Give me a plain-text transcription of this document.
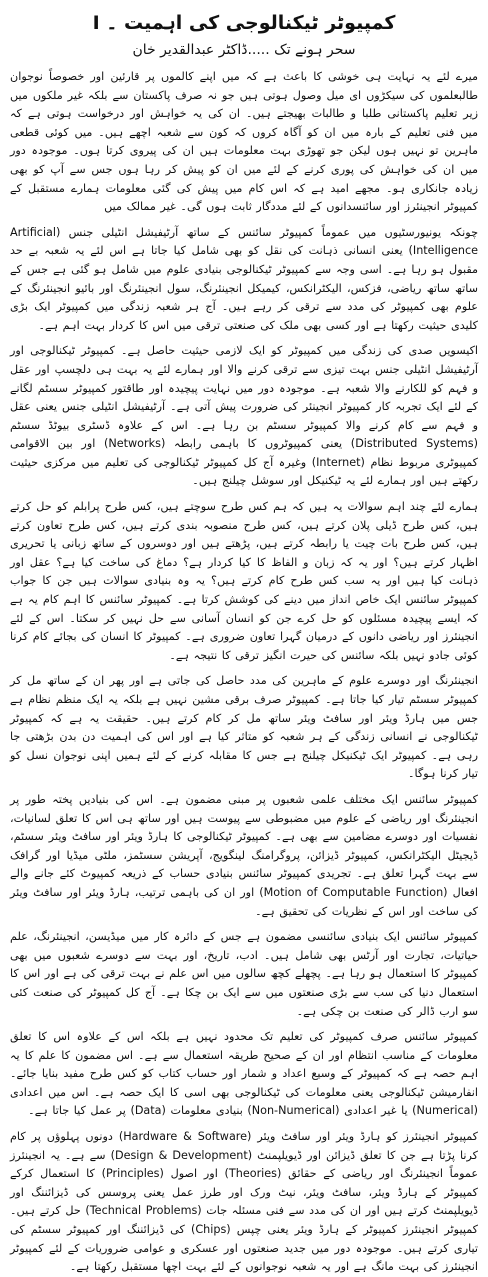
کمپیوٹر ٹیکنالوجی کی اہمیت ۔ I
سحر ہونے تک .....ڈاکٹر عبدالقدیر خان

میرے لئے یہ نہایت ہی خوشی کا باعث ہے کہ میں اپنے کالموں پر قارئین اور خصوصاً نوجوان طالبعلموں کی سیکڑوں ای میل وصول ہوتی ہیں جو نہ صرف پاکستان سے بلکہ غیر ملکوں میں زیر تعلیم پاکستانی طلبا و طالبات بھیجتے ہیں۔ ان کی یہ خواہش اور درخواست ہوتی ہے کہ میں فنی تعلیم کے بارہ میں ان کو آگاہ کروں کہ کون سے شعبہ اچھے ہیں۔ میں کوئی قطعی ماہرین تو نہیں ہوں لیکن جو تھوڑی بہت معلومات ہیں ان کی پیروی کرتا ہوں۔ موجودہ دور میں ان کی خواہش کی پوری کرنے کے لئے میں ان کو پیش کر رہا ہوں جس سے آپ کو بھی زیادہ جانکاری ہو۔ مجھے امید ہے کہ اس کام میں پیش کی گئی معلومات ہمارے مستقبل کے کمپیوٹر انجینئرز اور سائنسدانوں کے لئے مددگار ثابت ہوں گی۔ غیر ممالک میں

چونکہ یونیورسٹیوں میں عموماً کمپیوٹر سائنس کے ساتھ آرٹیفیشل انٹیلی جنس (Artificial Intelligence) یعنی انسانی ذہانت کی نقل کو بھی شامل کیا جاتا ہے اس لئے یہ شعبہ بے حد مقبول ہو رہا ہے۔ اسی وجہ سے کمپیوٹر ٹیکنالوجی بنیادی علوم میں شامل ہو گئی ہے جس کے ساتھ ساتھ ریاضی، فزکس، الیکٹرانکس، کیمیکل انجینئرنگ، سول انجینئرنگ اور بائیو انجینئرنگ کے علوم بھی کمپیوٹر کی مدد سے ترقی کر رہے ہیں۔ آج ہر شعبہ زندگی میں کمپیوٹر ایک بڑی کلیدی حیثیت رکھتا ہے اور کسی بھی ملک کی صنعتی ترقی میں اس کا کردار بہت اہم ہے۔

اکیسویں صدی کی زندگی میں کمپیوٹر کو ایک لازمی حیثیت حاصل ہے۔ کمپیوٹر ٹیکنالوجی اور آرٹیفیشل انٹیلی جنس بہت تیزی سے ترقی کرنے والا اور ہمارے لئے یہ بہت ہی دلچسپ اور عقل و فہم کو للکارنے والا شعبہ ہے۔ موجودہ دور میں نہایت پیچیدہ اور طاقتور کمپیوٹر سسٹم لگانے کے لئے ایک تجربہ کار کمپیوٹر انجینئر کی ضرورت پیش آتی ہے۔ آرٹیفیشل انٹیلی جنس یعنی عقل و فہم سے کام کرنے والا کمپیوٹر سسٹم بن رہا ہے۔ اس کے علاوہ ڈسٹری بیوٹڈ سسٹم (Distributed Systems) یعنی کمپیوٹروں کا باہمی رابطہ (Networks) اور بین الاقوامی کمپیوٹری مربوط نظام (Internet) وغیرہ آج کل کمپیوٹر ٹیکنالوجی کی تعلیم میں مرکزی حیثیت رکھتے ہیں اور ہمارے لئے یہ ٹیکنیکل اور سوشل چیلنج ہیں۔

ہمارے لئے چند اہم سوالات یہ ہیں کہ ہم کس طرح سوچتے ہیں، کس طرح پرابلم کو حل کرتے ہیں، کس طرح ڈیلی پلان کرتے ہیں، کس طرح منصوبہ بندی کرتے ہیں، کس طرح تعاون کرتے ہیں، کس طرح بات چیت یا رابطہ کرتے ہیں، پڑھتے ہیں اور دوسروں کے ساتھ زبانی یا تحریری اظہار کرتے ہیں؟ اور یہ کہ زبان و الفاظ کا کیا کردار ہے؟ دماغ کی ساخت کیا ہے؟ عقل اور ذہانت کیا ہیں اور یہ سب کس طرح کام کرتے ہیں؟ یہ وہ بنیادی سوالات ہیں جن کا جواب کمپیوٹر سائنس ایک خاص انداز میں دینے کی کوشش کرتا ہے۔ کمپیوٹر سائنس کا اہم کام یہ ہے کہ ایسے پیچیدہ مسئلوں کو حل کرے جن کو انسان آسانی سے حل نہیں کر سکتا۔ اس کے لئے انجینئرز اور ریاضی دانوں کے درمیان گہرا تعاون ضروری ہے۔ کمپیوٹر کا انسان کی بجائے کام کرنا کوئی جادو نہیں بلکہ سائنس کی حیرت انگیز ترقی کا نتیجہ ہے۔

انجینئرنگ اور دوسرے علوم کے ماہرین کی مدد حاصل کی جاتی ہے اور پھر ان کے ساتھ مل کر کمپیوٹر سسٹم تیار کیا جاتا ہے۔ کمپیوٹر صرف برقی مشین نہیں ہے بلکہ یہ ایک منظم نظام ہے جس میں ہارڈ ویئر اور سافٹ ویئر ساتھ مل کر کام کرتے ہیں۔ حقیقت یہ ہے کہ کمپیوٹر ٹیکنالوجی نے انسانی زندگی کے ہر شعبہ کو متاثر کیا ہے اور اس کی اہمیت دن بدن بڑھتی جا رہی ہے۔ کمپیوٹر ایک ٹیکنیکل چیلنج ہے جس کا مقابلہ کرنے کے لئے ہمیں اپنی نوجوان نسل کو تیار کرنا ہوگا۔

کمپیوٹر سائنس ایک مختلف علمی شعبوں پر مبنی مضمون ہے۔ اس کی بنیادیں پختہ طور پر انجینئرنگ اور ریاضی کے علوم میں مضبوطی سے پیوست ہیں اور ساتھ ہی اس کا تعلق لسانیات، نفسیات اور دوسرے مضامین سے بھی ہے۔ کمپیوٹر ٹیکنالوجی کا ہارڈ ویئر اور سافٹ ویئر سسٹم، ڈیجیٹل الیکٹرانکس، کمپیوٹر ڈیزائن، پروگرامنگ لینگویج، آپریشن سسٹمز، ملٹی میڈیا اور گرافک سے بہت گہرا تعلق ہے۔ تجریدی کمپیوٹر سائنس بنیادی حساب کے ذریعہ کمپیوٹ کئے جانے والے افعال (Motion of Computable Function) اور ان کی باہمی ترتیب، ہارڈ ویئر اور سافٹ ویئر کی ساخت اور اس کے نظریات کی تحقیق ہے۔

کمپیوٹر سائنس ایک بنیادی سائنسی مضمون ہے جس کے دائرہ کار میں میڈیسن، انجینئرنگ، علم حیاتیات، تجارت اور آرٹس بھی شامل ہیں۔ ادب، تاریخ، اور بہت سے دوسرے شعبوں میں بھی کمپیوٹر کا استعمال ہو رہا ہے۔ پچھلے کچھ سالوں میں اس علم نے بہت ترقی کی ہے اور اس کا استعمال دنیا کی سب سے بڑی صنعتوں میں سے ایک بن چکا ہے۔ آج کل کمپیوٹر کی صنعت کئی سو ارب ڈالر کی صنعت بن چکی ہے۔

کمپیوٹر سائنس صرف کمپیوٹر کی تعلیم تک محدود نہیں ہے بلکہ اس کے علاوہ اس کا تعلق معلومات کے مناسب انتظام اور ان کے صحیح طریقہ استعمال سے ہے۔ اس مضمون کا علم کا یہ اہم حصہ ہے کہ کمپیوٹر کے وسیع اعداد و شمار اور حساب کتاب کو کس طرح مفید بنایا جائے۔ انفارمیشن ٹیکنالوجی یعنی معلومات کی ٹیکنالوجی بھی اسی کا ایک حصہ ہے۔ اس میں اعدادی (Numerical) یا غیر اعدادی (Non-Numerical) بنیادی معلومات (Data) پر عمل کیا جاتا ہے۔

کمپیوٹر انجینئرز کو ہارڈ ویئر اور سافٹ ویئر (Hardware & Software) دونوں پہلوؤں پر کام کرنا پڑتا ہے جن کا تعلق ڈیزائن اور ڈیویلپمنٹ (Design & Development) سے ہے۔ یہ انجینئرز عموماً انجینئرنگ اور ریاضی کے حقائق (Theories) اور اصول (Principles) کا استعمال کرکے کمپیوٹر کے ہارڈ ویئر، سافٹ ویئر، نیٹ ورک اور طرز عمل یعنی پروسس کی ڈیزائننگ اور ڈیویلپمنٹ کرتے ہیں اور ان کی مدد سے فنی مسئلہ جات (Technical Problems) حل کرتے ہیں۔ کمپیوٹر انجینئرز کمپیوٹر کے ہارڈ ویئر یعنی چپس (Chips) کی ڈیزائننگ اور کمپیوٹر سسٹم کی تیاری کرتے ہیں۔ موجودہ دور میں جدید صنعتوں اور عسکری و عوامی ضروریات کے لئے کمپیوٹر انجینئرز کی بہت مانگ ہے اور یہ شعبہ نوجوانوں کے لئے بہت اچھا مستقبل رکھتا ہے۔
